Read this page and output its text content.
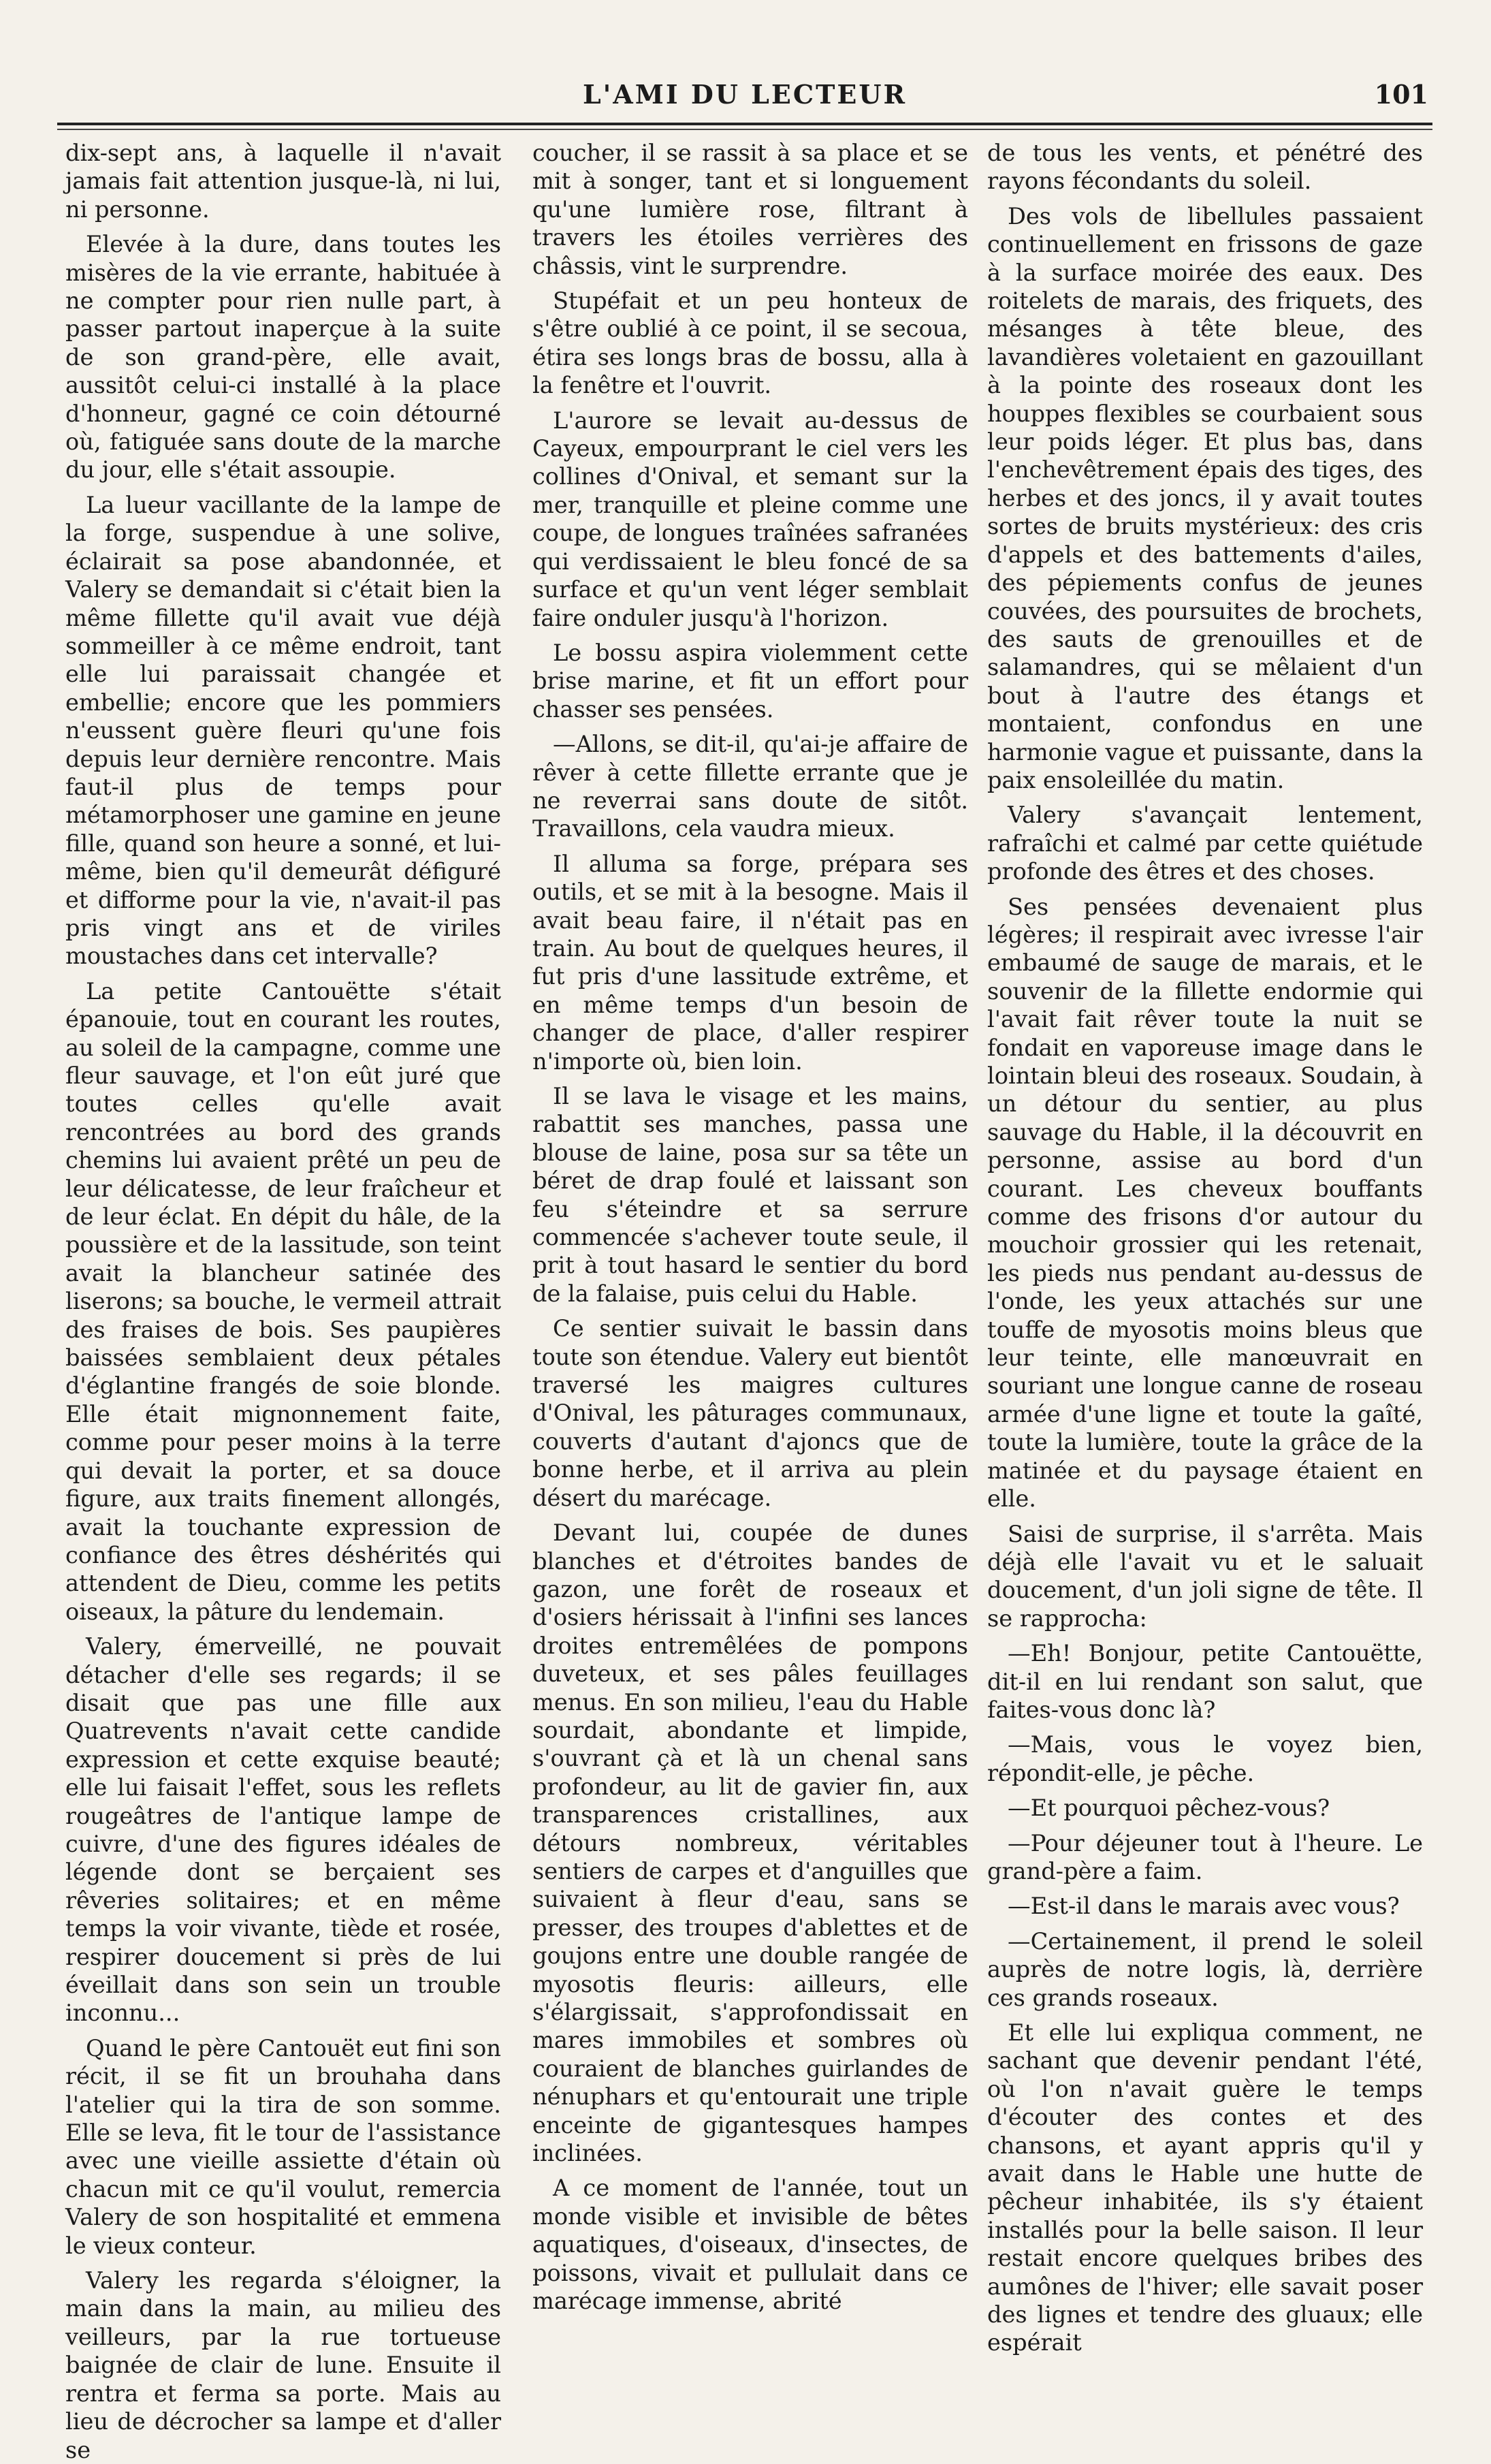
L'AMI DU LECTEUR	101

dix-sept ans, à laquelle il n'avait jamais fait attention jusque-là, ni lui, ni personne.

Elevée à la dure, dans toutes les misères de la vie errante, habituée à ne compter pour rien nulle part, à passer partout inaperçue à la suite de son grand-père, elle avait, aussitôt celui-ci installé à la place d'honneur, gagné ce coin détourné où, fatiguée sans doute de la marche du jour, elle s'était assoupie.

La lueur vacillante de la lampe de la forge, suspendue à une solive, éclairait sa pose abandonnée, et Valery se demandait si c'était bien la même fillette qu'il avait vue déjà sommeiller à ce même endroit, tant elle lui paraissait changée et embellie; encore que les pommiers n'eussent guère fleuri qu'une fois depuis leur dernière rencontre. Mais faut-il plus de temps pour métamorphoser une gamine en jeune fille, quand son heure a sonné, et lui-même, bien qu'il demeurât défiguré et difforme pour la vie, n'avait-il pas pris vingt ans et de viriles moustaches dans cet intervalle?

La petite Cantouëtte s'était épanouie, tout en courant les routes, au soleil de la campagne, comme une fleur sauvage, et l'on eût juré que toutes celles qu'elle avait rencontrées au bord des grands chemins lui avaient prêté un peu de leur délicatesse, de leur fraîcheur et de leur éclat. En dépit du hâle, de la poussière et de la lassitude, son teint avait la blancheur satinée des liserons; sa bouche, le vermeil attrait des fraises de bois. Ses paupières baissées semblaient deux pétales d'églantine frangés de soie blonde. Elle était mignonnement faite, comme pour peser moins à la terre qui devait la porter, et sa douce figure, aux traits finement allongés, avait la touchante expression de confiance des êtres déshérités qui attendent de Dieu, comme les petits oiseaux, la pâture du lendemain.

Valery, émerveillé, ne pouvait détacher d'elle ses regards; il se disait que pas une fille aux Quatrevents n'avait cette candide expression et cette exquise beauté; elle lui faisait l'effet, sous les reflets rougeâtres de l'antique lampe de cuivre, d'une des figures idéales de légende dont se berçaient ses rêveries solitaires; et en même temps la voir vivante, tiède et rosée, respirer doucement si près de lui éveillait dans son sein un trouble inconnu...

Quand le père Cantouët eut fini son récit, il se fit un brouhaha dans l'atelier qui la tira de son somme. Elle se leva, fit le tour de l'assistance avec une vieille assiette d'étain où chacun mit ce qu'il voulut, remercia Valery de son hospitalité et emmena le vieux conteur.

Valery les regarda s'éloigner, la main dans la main, au milieu des veilleurs, par la rue tortueuse baignée de clair de lune. Ensuite il rentra et ferma sa porte. Mais au lieu de décrocher sa lampe et d'aller se

coucher, il se rassit à sa place et se mit à songer, tant et si longuement qu'une lumière rose, filtrant à travers les étoiles verrières des châssis, vint le surprendre.

Stupéfait et un peu honteux de s'être oublié à ce point, il se secoua, étira ses longs bras de bossu, alla à la fenêtre et l'ouvrit.

L'aurore se levait au-dessus de Cayeux, empourprant le ciel vers les collines d'Onival, et semant sur la mer, tranquille et pleine comme une coupe, de longues traînées safranées qui verdissaient le bleu foncé de sa surface et qu'un vent léger semblait faire onduler jusqu'à l'horizon.

Le bossu aspira violemment cette brise marine, et fit un effort pour chasser ses pensées.

—Allons, se dit-il, qu'ai-je affaire de rêver à cette fillette errante que je ne reverrai sans doute de sitôt. Travaillons, cela vaudra mieux.

Il alluma sa forge, prépara ses outils, et se mit à la besogne. Mais il avait beau faire, il n'était pas en train. Au bout de quelques heures, il fut pris d'une lassitude extrême, et en même temps d'un besoin de changer de place, d'aller respirer n'importe où, bien loin.

Il se lava le visage et les mains, rabattit ses manches, passa une blouse de laine, posa sur sa tête un béret de drap foulé et laissant son feu s'éteindre et sa serrure commencée s'achever toute seule, il prit à tout hasard le sentier du bord de la falaise, puis celui du Hable.

Ce sentier suivait le bassin dans toute son étendue. Valery eut bientôt traversé les maigres cultures d'Onival, les pâturages communaux, couverts d'autant d'ajoncs que de bonne herbe, et il arriva au plein désert du marécage.

Devant lui, coupée de dunes blanches et d'étroites bandes de gazon, une forêt de roseaux et d'osiers hérissait à l'infini ses lances droites entremêlées de pompons duveteux, et ses pâles feuillages menus. En son milieu, l'eau du Hable sourdait, abondante et limpide, s'ouvrant çà et là un chenal sans profondeur, au lit de gavier fin, aux transparences cristallines, aux détours nombreux, véritables sentiers de carpes et d'anguilles que suivaient à fleur d'eau, sans se presser, des troupes d'ablettes et de goujons entre une double rangée de myosotis fleuris: ailleurs, elle s'élargissait, s'approfondissait en mares immobiles et sombres où couraient de blanches guirlandes de nénuphars et qu'entourait une triple enceinte de gigantesques hampes inclinées.

A ce moment de l'année, tout un monde visible et invisible de bêtes aquatiques, d'oiseaux, d'insectes, de poissons, vivait et pullulait dans ce marécage immense, abrité

de tous les vents, et pénétré des rayons fécondants du soleil.

Des vols de libellules passaient continuellement en frissons de gaze à la surface moirée des eaux. Des roitelets de marais, des friquets, des mésanges à tête bleue, des lavandières voletaient en gazouillant à la pointe des roseaux dont les houppes flexibles se courbaient sous leur poids léger. Et plus bas, dans l'enchevêtrement épais des tiges, des herbes et des joncs, il y avait toutes sortes de bruits mystérieux: des cris d'appels et des battements d'ailes, des pépiements confus de jeunes couvées, des poursuites de brochets, des sauts de grenouilles et de salamandres, qui se mêlaient d'un bout à l'autre des étangs et montaient, confondus en une harmonie vague et puissante, dans la paix ensoleillée du matin.

Valery s'avançait lentement, rafraîchi et calmé par cette quiétude profonde des êtres et des choses.

Ses pensées devenaient plus légères; il respirait avec ivresse l'air embaumé de sauge de marais, et le souvenir de la fillette endormie qui l'avait fait rêver toute la nuit se fondait en vaporeuse image dans le lointain bleui des roseaux. Soudain, à un détour du sentier, au plus sauvage du Hable, il la découvrit en personne, assise au bord d'un courant. Les cheveux bouffants comme des frisons d'or autour du mouchoir grossier qui les retenait, les pieds nus pendant au-dessus de l'onde, les yeux attachés sur une touffe de myosotis moins bleus que leur teinte, elle manœuvrait en souriant une longue canne de roseau armée d'une ligne et toute la gaîté, toute la lumière, toute la grâce de la matinée et du paysage étaient en elle.

Saisi de surprise, il s'arrêta. Mais déjà elle l'avait vu et le saluait doucement, d'un joli signe de tête. Il se rapprocha:

—Eh! Bonjour, petite Cantouëtte, dit-il en lui rendant son salut, que faites-vous donc là?

—Mais, vous le voyez bien, répondit-elle, je pêche.

—Et pourquoi pêchez-vous?

—Pour déjeuner tout à l'heure. Le grand-père a faim.

—Est-il dans le marais avec vous?

—Certainement, il prend le soleil auprès de notre logis, là, derrière ces grands roseaux.

Et elle lui expliqua comment, ne sachant que devenir pendant l'été, où l'on n'avait guère le temps d'écouter des contes et des chansons, et ayant appris qu'il y avait dans le Hable une hutte de pêcheur inhabitée, ils s'y étaient installés pour la belle saison. Il leur restait encore quelques bribes des aumônes de l'hiver; elle savait poser des lignes et tendre des gluaux; elle espérait
